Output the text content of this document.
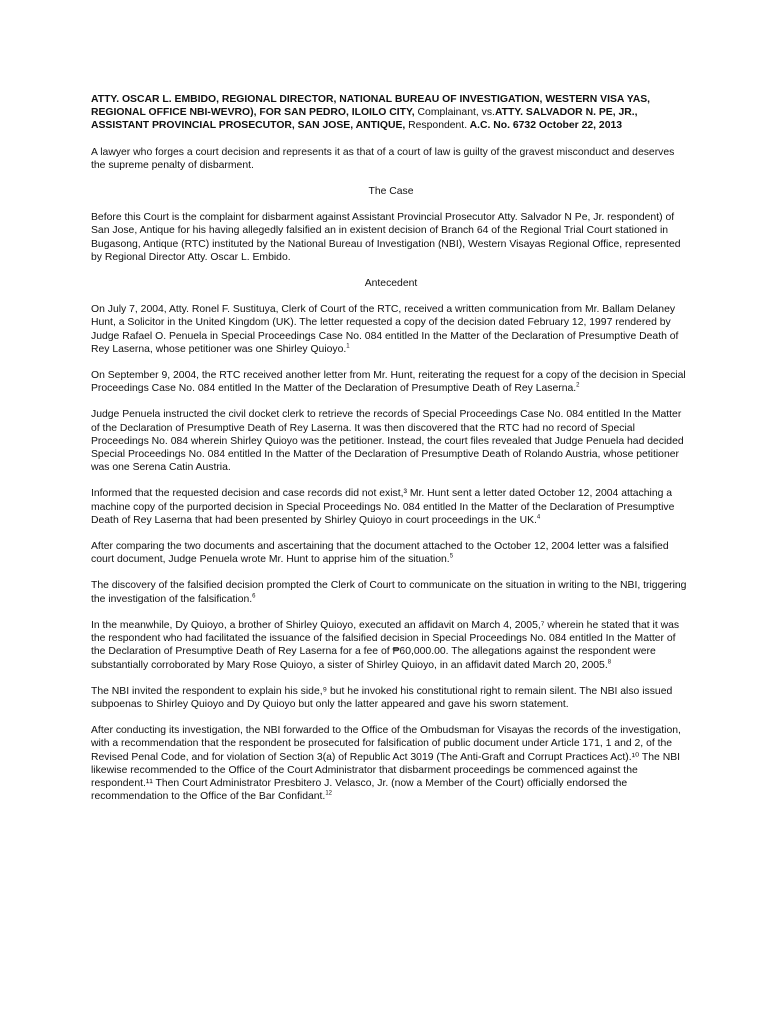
ATTY. OSCAR L. EMBIDO, REGIONAL DIRECTOR, NATIONAL BUREAU OF INVESTIGATION, WESTERN VISA YAS, REGIONAL OFFICE NBI-WEVRO), FOR SAN PEDRO, ILOILO CITY, Complainant, vs.ATTY. SALVADOR N. PE, JR., ASSISTANT PROVINCIAL PROSECUTOR, SAN JOSE, ANTIQUE, Respondent. A.C. No. 6732 October 22, 2013

A lawyer who forges a court decision and represents it as that of a court of law is guilty of the gravest misconduct and deserves the supreme penalty of disbarment.

The Case

Before this Court is the complaint for disbarment against Assistant Provincial Prosecutor Atty. Salvador N Pe, Jr. respondent) of San Jose, Antique for his having allegedly falsified an in existent decision of Branch 64 of the Regional Trial Court stationed in Bugasong, Antique (RTC) instituted by the National Bureau of Investigation (NBI), Western Visayas Regional Office, represented by Regional Director Atty. Oscar L. Embido.

Antecedent

On July 7, 2004, Atty. Ronel F. Sustituya, Clerk of Court of the RTC, received a written communication from Mr. Ballam Delaney Hunt, a Solicitor in the United Kingdom (UK). The letter requested a copy of the decision dated February 12, 1997 rendered by Judge Rafael O. Penuela in Special Proceedings Case No. 084 entitled In the Matter of the Declaration of Presumptive Death of Rey Laserna, whose petitioner was one Shirley Quioyo.$^1$

On September 9, 2004, the RTC received another letter from Mr. Hunt, reiterating the request for a copy of the decision in Special Proceedings Case No. 084 entitled In the Matter of the Declaration of Presumptive Death of Rey Laserna.$^2$

Judge Penuela instructed the civil docket clerk to retrieve the records of Special Proceedings Case No. 084 entitled In the Matter of the Declaration of Presumptive Death of Rey Laserna. It was then discovered that the RTC had no record of Special Proceedings No. 084 wherein Shirley Quioyo was the petitioner. Instead, the court files revealed that Judge Penuela had decided Special Proceedings No. 084 entitled In the Matter of the Declaration of Presumptive Death of Rolando Austria, whose petitioner was one Serena Catin Austria.

Informed that the requested decision and case records did not exist,³ Mr. Hunt sent a letter dated October 12, 2004 attaching a machine copy of the purported decision in Special Proceedings No. 084 entitled In the Matter of the Declaration of Presumptive Death of Rey Laserna that had been presented by Shirley Quioyo in court proceedings in the UK.$^4$

After comparing the two documents and ascertaining that the document attached to the October 12, 2004 letter was a falsified court document, Judge Penuela wrote Mr. Hunt to apprise him of the situation.$^5$

The discovery of the falsified decision prompted the Clerk of Court to communicate on the situation in writing to the NBI, triggering the investigation of the falsification.$^6$

In the meanwhile, Dy Quioyo, a brother of Shirley Quioyo, executed an affidavit on March 4, 2005,⁷ wherein he stated that it was the respondent who had facilitated the issuance of the falsified decision in Special Proceedings No. 084 entitled In the Matter of the Declaration of Presumptive Death of Rey Laserna for a fee of ₱60,000.00. The allegations against the respondent were substantially corroborated by Mary Rose Quioyo, a sister of Shirley Quioyo, in an affidavit dated March 20, 2005.$^8$

The NBI invited the respondent to explain his side,⁹ but he invoked his constitutional right to remain silent. The NBI also issued subpoenas to Shirley Quioyo and Dy Quioyo but only the latter appeared and gave his sworn statement.

After conducting its investigation, the NBI forwarded to the Office of the Ombudsman for Visayas the records of the investigation, with a recommendation that the respondent be prosecuted for falsification of public document under Article 171, 1 and 2, of the Revised Penal Code, and for violation of Section 3(a) of Republic Act 3019 (The Anti-Graft and Corrupt Practices Act).¹⁰ The NBI likewise recommended to the Office of the Court Administrator that disbarment proceedings be commenced against the respondent.¹¹ Then Court Administrator Presbitero J. Velasco, Jr. (now a Member of the Court) officially endorsed the recommendation to the Office of the Bar Confidant.$^{12}$
